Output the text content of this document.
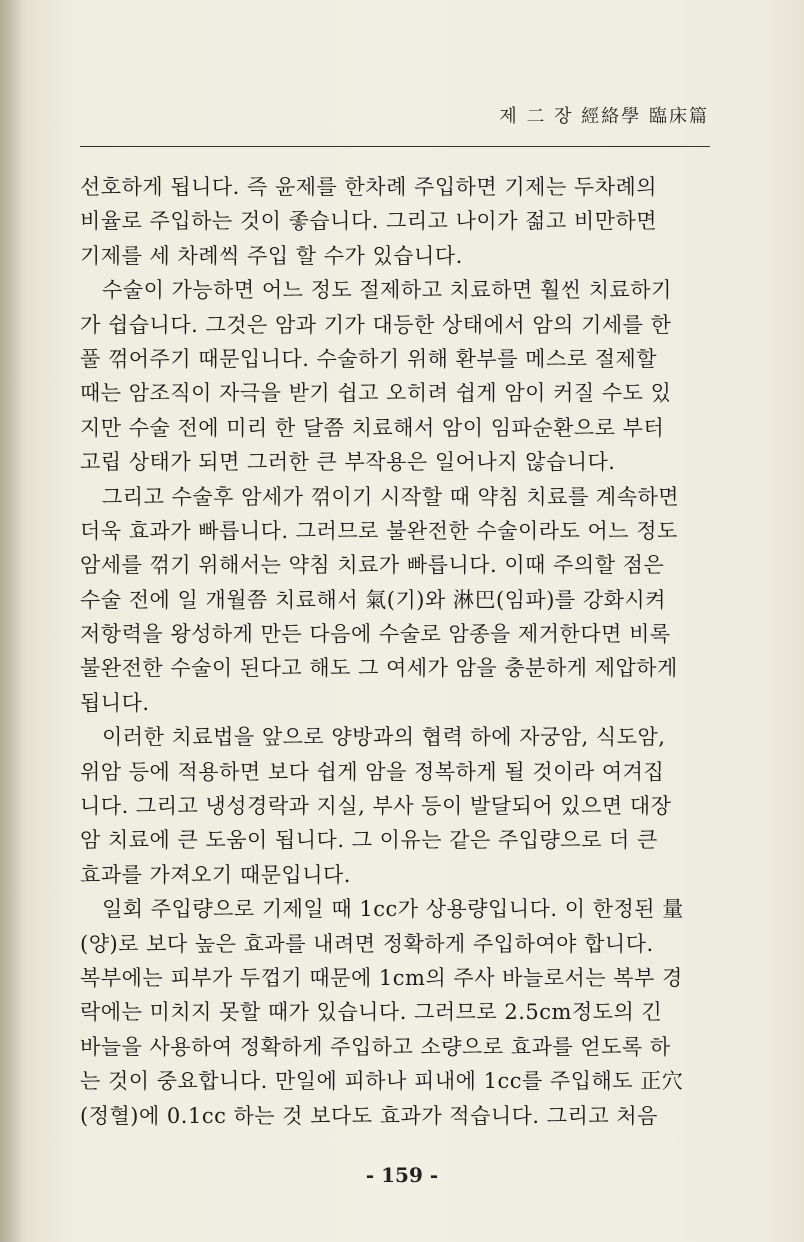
제 二 장 經絡學 臨床篇
선호하게 됩니다. 즉 윤제를 한차례 주입하면 기제는 두차례의
비율로 주입하는 것이 좋습니다. 그리고 나이가 젊고 비만하면
기제를 세 차례씩 주입 할 수가 있습니다.
수술이 가능하면 어느 정도 절제하고 치료하면 훨씬 치료하기
가 쉽습니다. 그것은 암과 기가 대등한 상태에서 암의 기세를 한
풀 꺾어주기 때문입니다. 수술하기 위해 환부를 메스로 절제할
때는 암조직이 자극을 받기 쉽고 오히려 쉽게 암이 커질 수도 있
지만 수술 전에 미리 한 달쯤 치료해서 암이 임파순환으로 부터
고립 상태가 되면 그러한 큰 부작용은 일어나지 않습니다.
그리고 수술후 암세가 꺾이기 시작할 때 약침 치료를 계속하면
더욱 효과가 빠릅니다. 그러므로 불완전한 수술이라도 어느 정도
암세를 꺾기 위해서는 약침 치료가 빠릅니다. 이때 주의할 점은
수술 전에 일 개월쯤 치료해서 氣(기)와 淋巴(임파)를 강화시켜
저항력을 왕성하게 만든 다음에 수술로 암종을 제거한다면 비록
불완전한 수술이 된다고 해도 그 여세가 암을 충분하게 제압하게
됩니다.
이러한 치료법을 앞으로 양방과의 협력 하에 자궁암, 식도암,
위암 등에 적용하면 보다 쉽게 암을 정복하게 될 것이라 여겨집
니다. 그리고 냉성경락과 지실, 부사 등이 발달되어 있으면 대장
암 치료에 큰 도움이 됩니다. 그 이유는 같은 주입량으로 더 큰
효과를 가져오기 때문입니다.
일회 주입량으로 기제일 때 1cc가 상용량입니다. 이 한정된 量
(양)로 보다 높은 효과를 내려면 정확하게 주입하여야 합니다.
복부에는 피부가 두껍기 때문에 1cm의 주사 바늘로서는 복부 경
락에는 미치지 못할 때가 있습니다. 그러므로 2.5cm정도의 긴
바늘을 사용하여 정확하게 주입하고 소량으로 효과를 얻도록 하
는 것이 중요합니다. 만일에 피하나 피내에 1cc를 주입해도 正穴
(정혈)에 0.1cc 하는 것 보다도 효과가 적습니다. 그리고 처음
- 159 -
